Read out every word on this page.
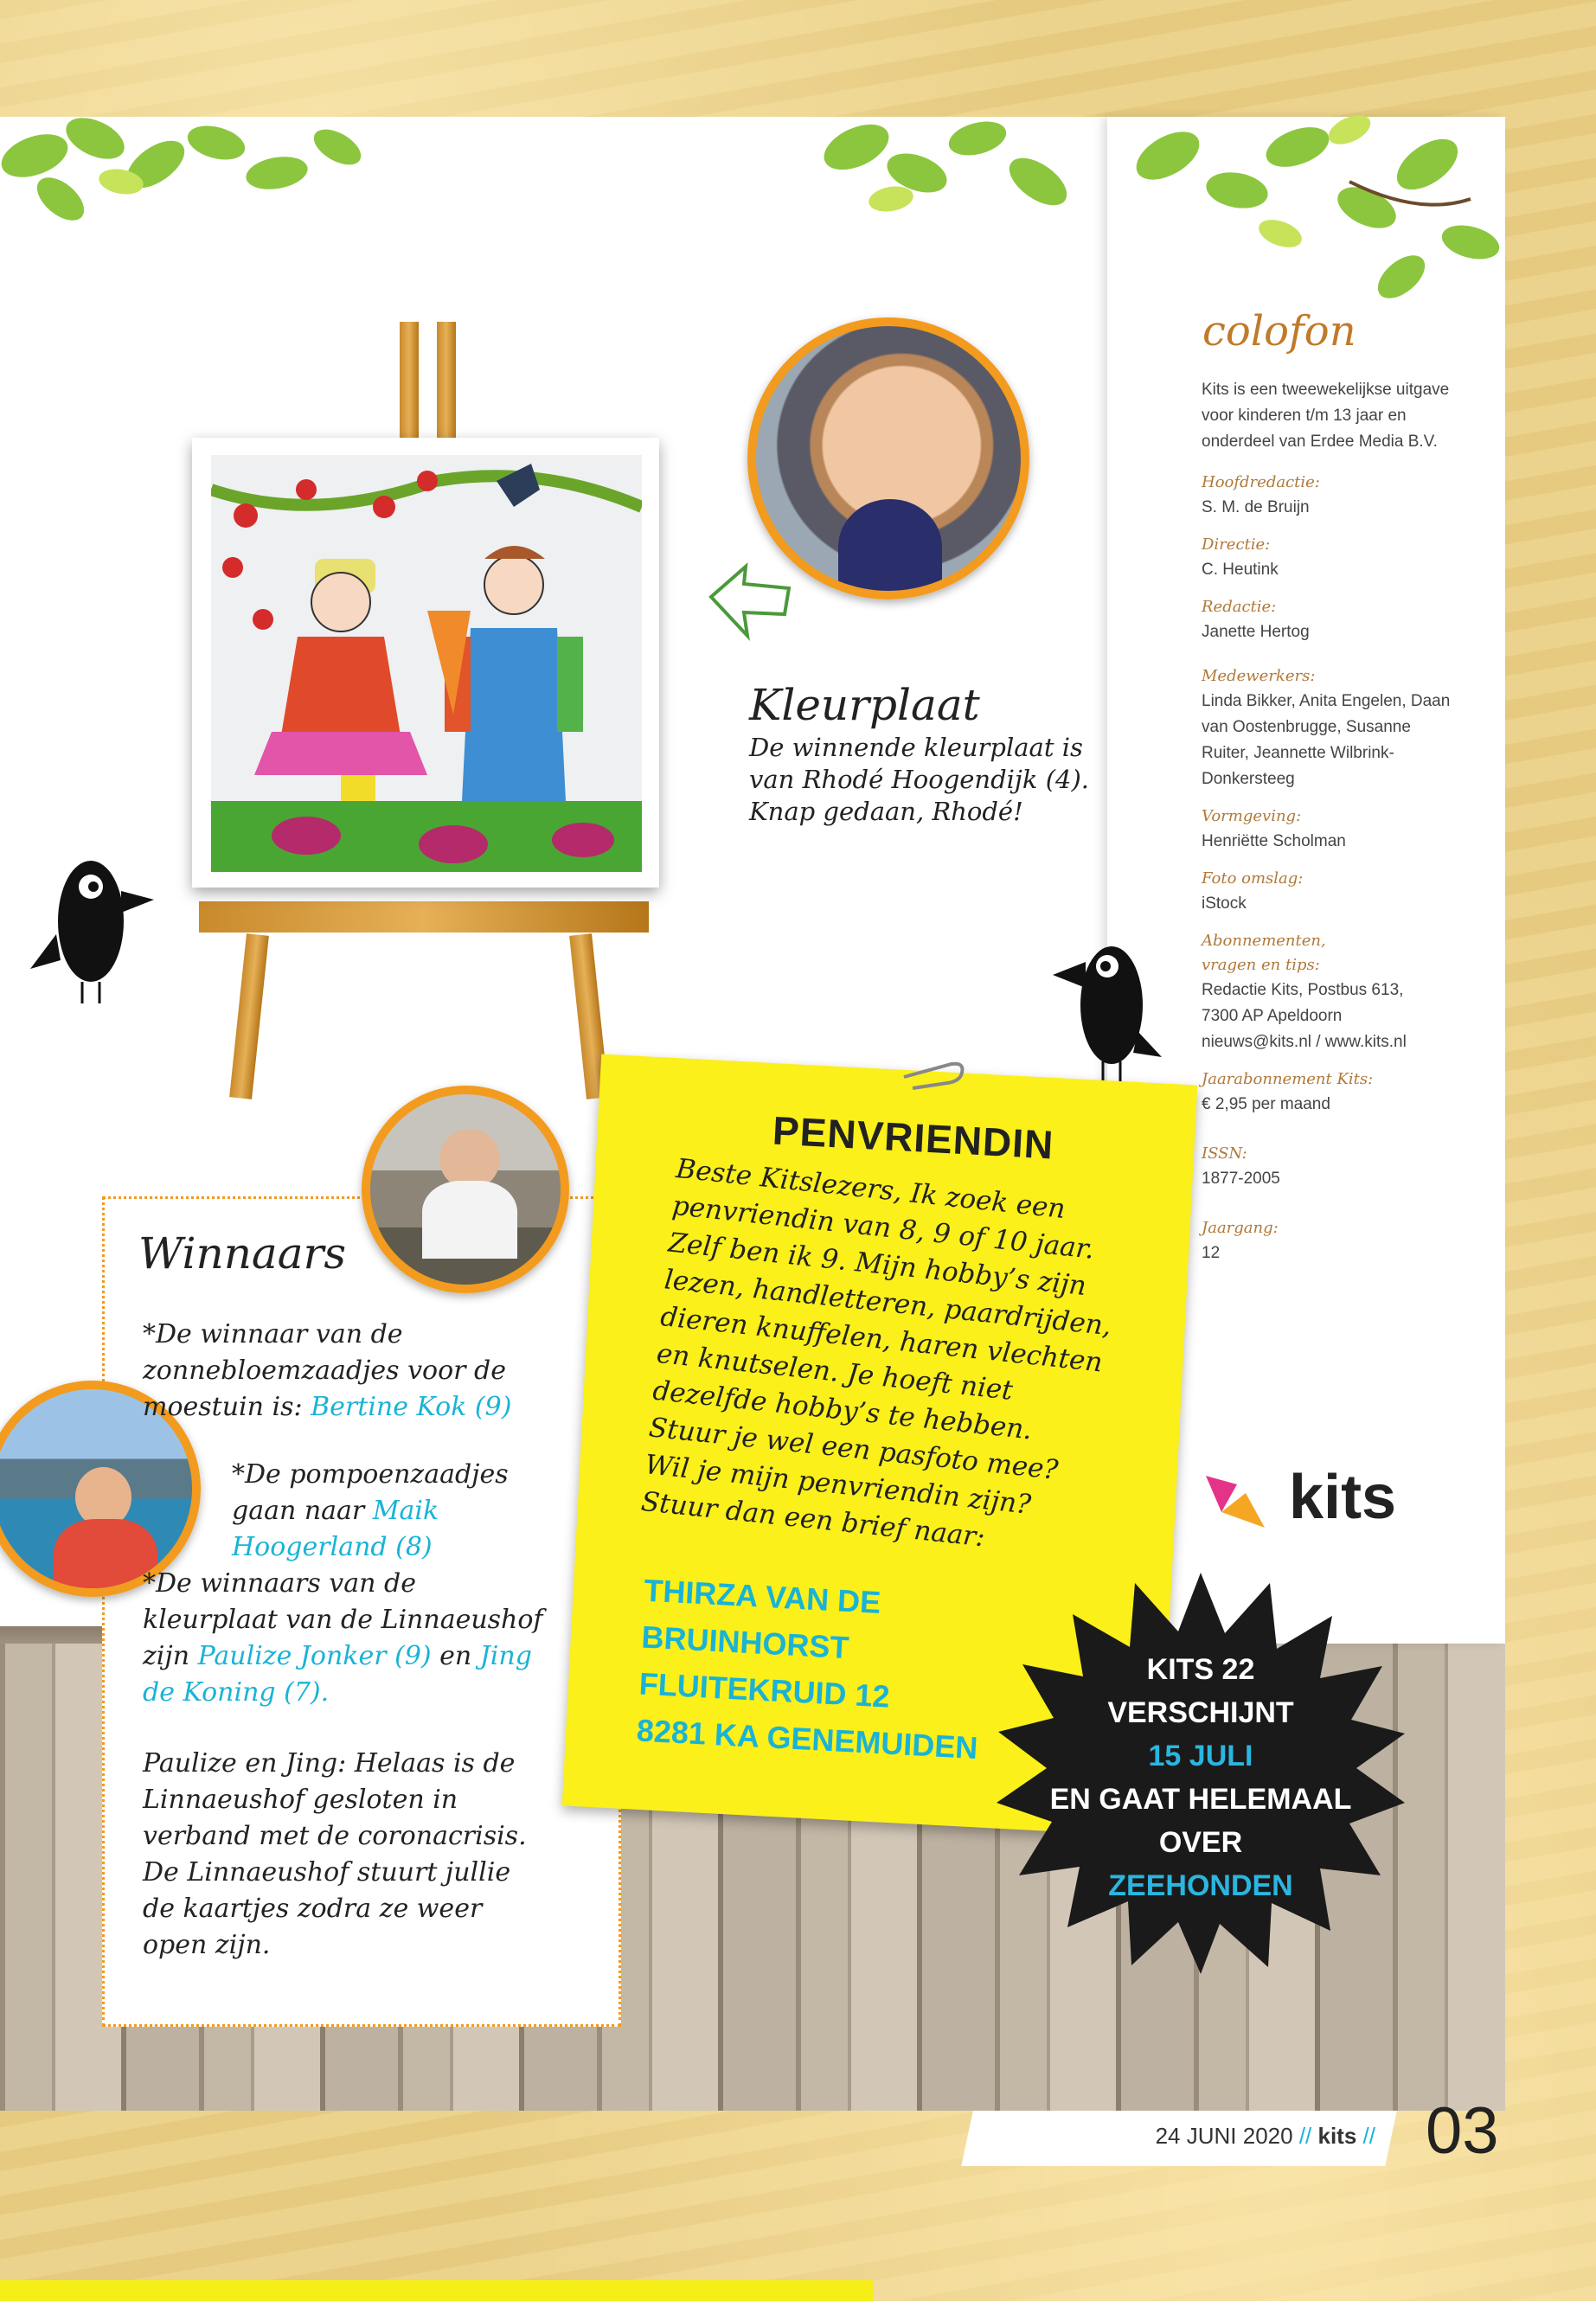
Kleurplaat
De winnende kleurplaat is van Rhodé Hoogendijk (4). Knap gedaan, Rhodé!
colofon
Kits is een tweewekelijkse uitgave voor kinderen t/m 13 jaar en onderdeel van Erdee Media B.V.
Hoofdredactie:
S. M. de Bruijn
Directie:
C. Heutink
Redactie:
Janette Hertog
Medewerkers:
Linda Bikker, Anita Engelen, Daan van Oostenbrugge, Susanne Ruiter, Jeannette Wilbrink-Donkersteeg
Vormgeving:
Henriëtte Scholman
Foto omslag:
iStock
Abonnementen, vragen en tips:
Redactie Kits, Postbus 613, 7300 AP Apeldoorn nieuws@kits.nl / www.kits.nl
Jaarabonnement Kits:
€ 2,95 per maand
ISSN:
1877-2005
Jaargang:
12
kits
Winnaars
*De winnaar van de zonnebloemzaadjes voor de moestuin is: Bertine Kok (9)
*De pompoenzaadjes gaan naar Maik Hoogerland (8)
*De winnaars van de kleurplaat van de Linnaeushof zijn Paulize Jonker (9) en Jing de Koning (7).
Paulize en Jing: Helaas is de Linnaeushof gesloten in verband met de coronacrisis. De Linnaeushof stuurt jullie de kaartjes zodra ze weer open zijn.
PENVRIENDIN
Beste Kitslezers, Ik zoek een penvriendin van 8, 9 of 10 jaar. Zelf ben ik 9. Mijn hobby’s zijn lezen, handletteren, paardrijden, dieren knuffelen, haren vlechten en knutselen. Je hoeft niet dezelfde hobby’s te hebben. Stuur je wel een pasfoto mee? Wil je mijn penvriendin zijn? Stuur dan een brief naar:
THIRZA VAN DE BRUINHORST
FLUITEKRUID 12
8281 KA GENEMUIDEN
KITS 22
VERSCHIJNT
15 JULI
EN GAAT HELEMAAL
OVER
ZEEHONDEN
24 JUNI 2020 // kits // 03
